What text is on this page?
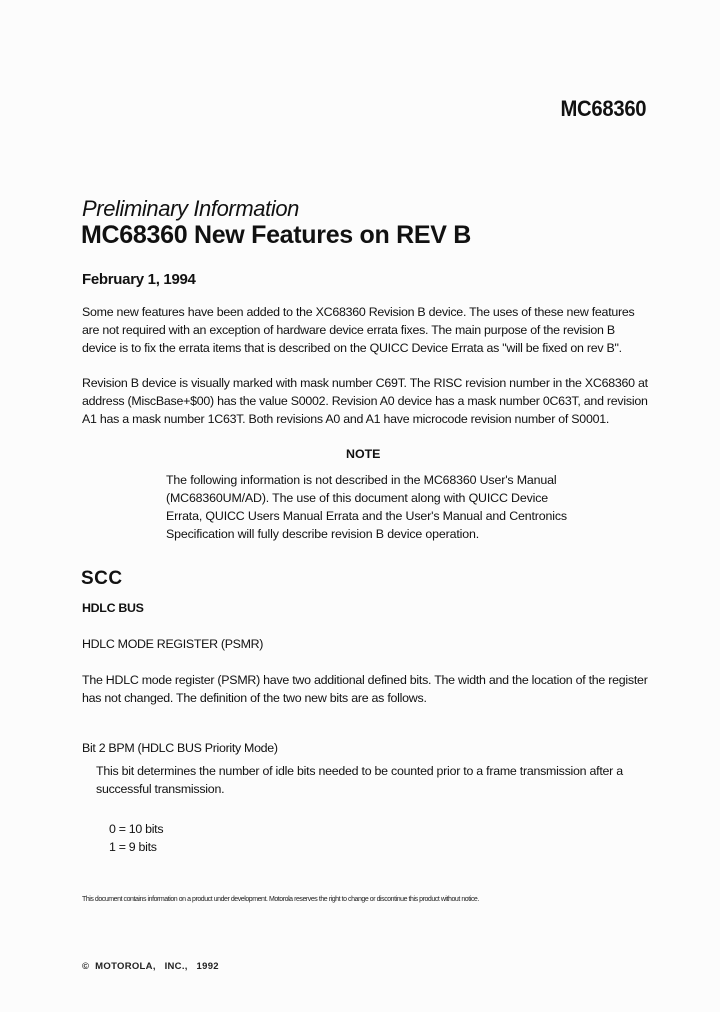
MC68360
Preliminary Information
MC68360 New Features on REV B
February 1, 1994

Some new features have been added to the XC68360 Revision B device. The uses of these new features
are not required with an exception of hardware device errata fixes. The main purpose of the revision B
device is to fix the errata items that is described on the QUICC Device Errata as "will be fixed on rev B".

Revision B device is visually marked with mask number C69T. The RISC revision number in the XC68360 at
address (MiscBase+$00) has the value S0002. Revision A0 device has a mask number 0C63T, and revision
A1 has a mask number 1C63T. Both revisions A0 and A1 have microcode revision number of S0001.

NOTE
The following information is not described in the MC68360 User's Manual
(MC68360UM/AD). The use of this document along with QUICC Device
Errata, QUICC Users Manual Errata and the User's Manual and Centronics
Specification will fully describe revision B device operation.
SCC
HDLC BUS
HDLC MODE REGISTER (PSMR)

The HDLC mode register (PSMR) have two additional defined bits. The width and the location of the register
has not changed. The definition of the two new bits are as follows.

Bit 2 BPM (HDLC BUS Priority Mode)
This bit determines the number of idle bits needed to be counted prior to a frame transmission after a
successful transmission.
0 = 10 bits
1 = 9 bits
This document contains information on a product under development. Motorola reserves the right to change or discontinue this product without notice.
©  MOTOROLA,   INC.,   1992
